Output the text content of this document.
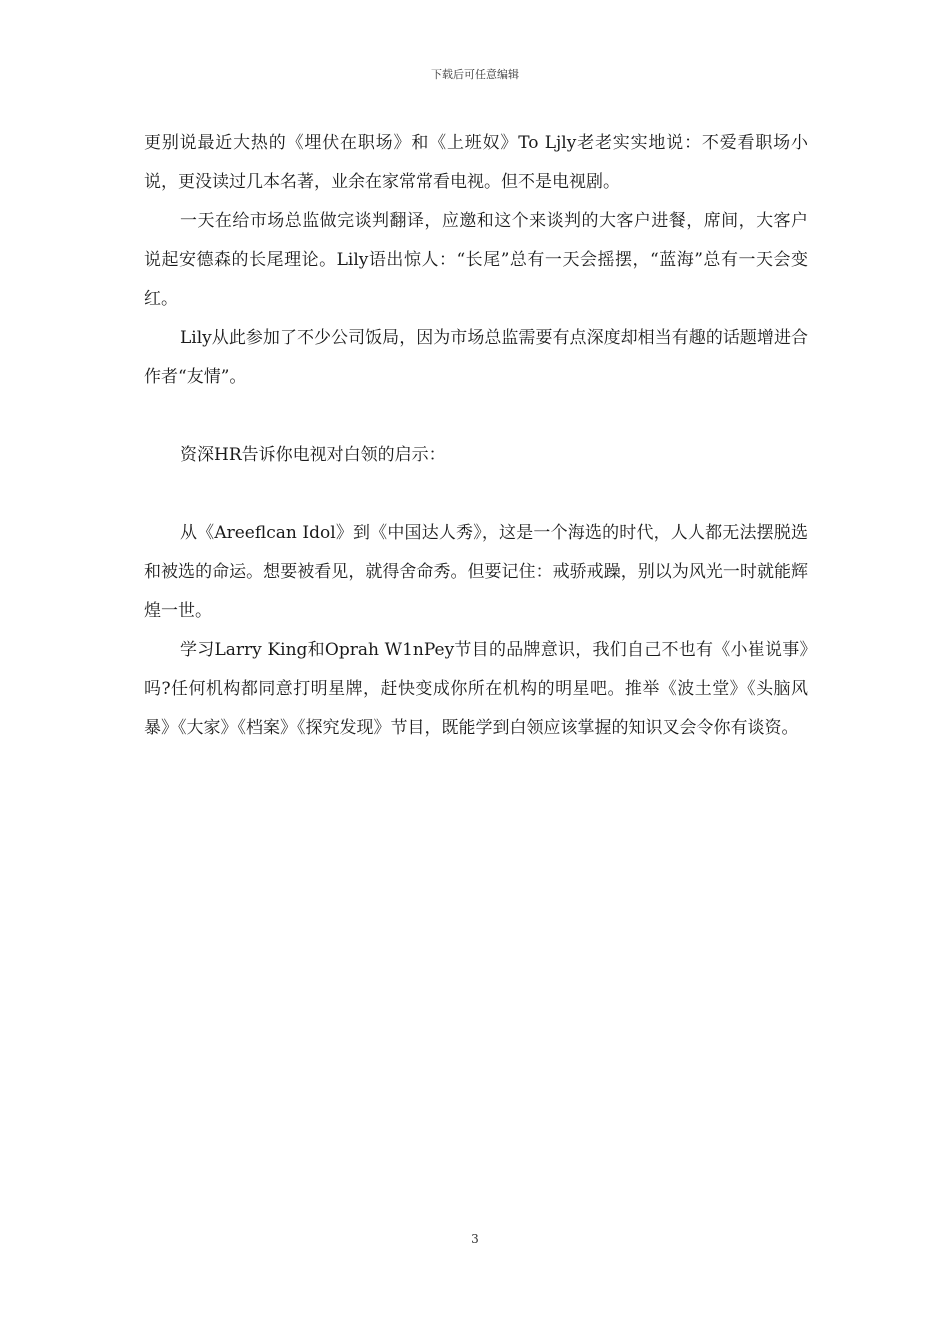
下载后可任意编辑

更别说最近大热的《埋伏在职场》和《上班奴》To Ljly老老实实地说：不爱看职场小说，更没读过几本名著，业余在家常常看电视。但不是电视剧。

一天在给市场总监做完谈判翻译，应邀和这个来谈判的大客户进餐，席间，大客户说起安德森的长尾理论。Lily语出惊人：“长尾”总有一天会摇摆，“蓝海”总有一天会变红。

Lily从此参加了不少公司饭局，因为市场总监需要有点深度却相当有趣的话题增进合作者“友情”。

资深HR告诉你电视对白领的启示：

从《Areeflcan Idol》到《中国达人秀》，这是一个海选的时代，人人都无法摆脱选和被选的命运。想要被看见，就得舍命秀。但要记住：戒骄戒躁，别以为风光一时就能辉煌一世。

学习Larry King和Oprah W1nPey节目的品牌意识，我们自己不也有《小崔说事》吗?任何机构都同意打明星牌，赶快变成你所在机构的明星吧。推举《波土堂》《头脑风暴》《大家》《档案》《探究发现》节目，既能学到白领应该掌握的知识叉会令你有谈资。

3
